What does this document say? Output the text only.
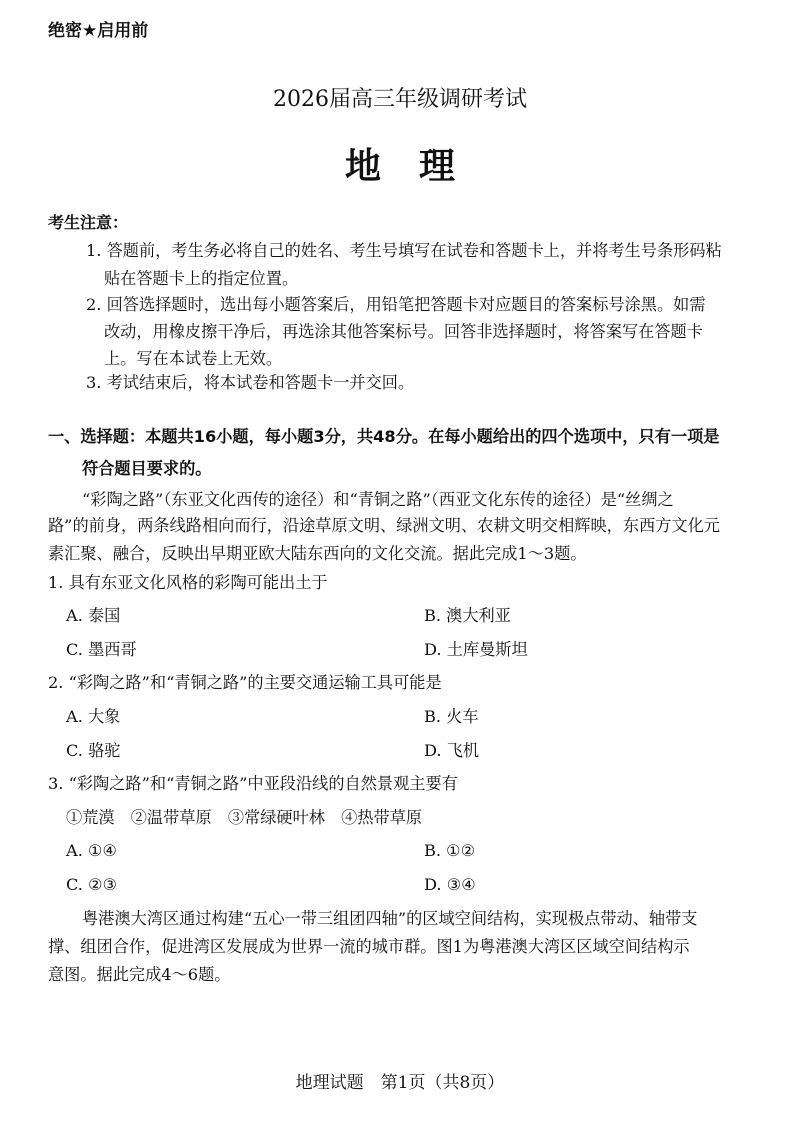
绝密★启用前
2026届高三年级调研考试
地理
考生注意：
1. 答题前，考生务必将自己的姓名、考生号填写在试卷和答题卡上，并将考生号条形码粘
贴在答题卡上的指定位置。
2. 回答选择题时，选出每小题答案后，用铅笔把答题卡对应题目的答案标号涂黑。如需
改动，用橡皮擦干净后，再选涂其他答案标号。回答非选择题时，将答案写在答题卡
上。写在本试卷上无效。
3. 考试结束后，将本试卷和答题卡一并交回。
一、选择题：本题共16小题，每小题3分，共48分。在每小题给出的四个选项中，只有一项是
符合题目要求的。
“彩陶之路”（东亚文化西传的途径）和“青铜之路”（西亚文化东传的途径）是“丝绸之
路”的前身，两条线路相向而行，沿途草原文明、绿洲文明、农耕文明交相辉映，东西方文化元
素汇聚、融合，反映出早期亚欧大陆东西向的文化交流。据此完成1～3题。
1. 具有东亚文化风格的彩陶可能出土于
A. 泰国	B. 澳大利亚
C. 墨西哥	D. 土库曼斯坦
2. “彩陶之路”和“青铜之路”的主要交通运输工具可能是
A. 大象	B. 火车
C. 骆驼	D. 飞机
3. “彩陶之路”和“青铜之路”中亚段沿线的自然景观主要有
①荒漠　②温带草原　③常绿硬叶林　④热带草原
A. ①④	B. ①②
C. ②③	D. ③④
粤港澳大湾区通过构建“五心一带三组团四轴”的区域空间结构，实现极点带动、轴带支
撑、组团合作，促进湾区发展成为世界一流的城市群。图1为粤港澳大湾区区域空间结构示
意图。据此完成4～6题。
地理试题　第1页（共8页）
